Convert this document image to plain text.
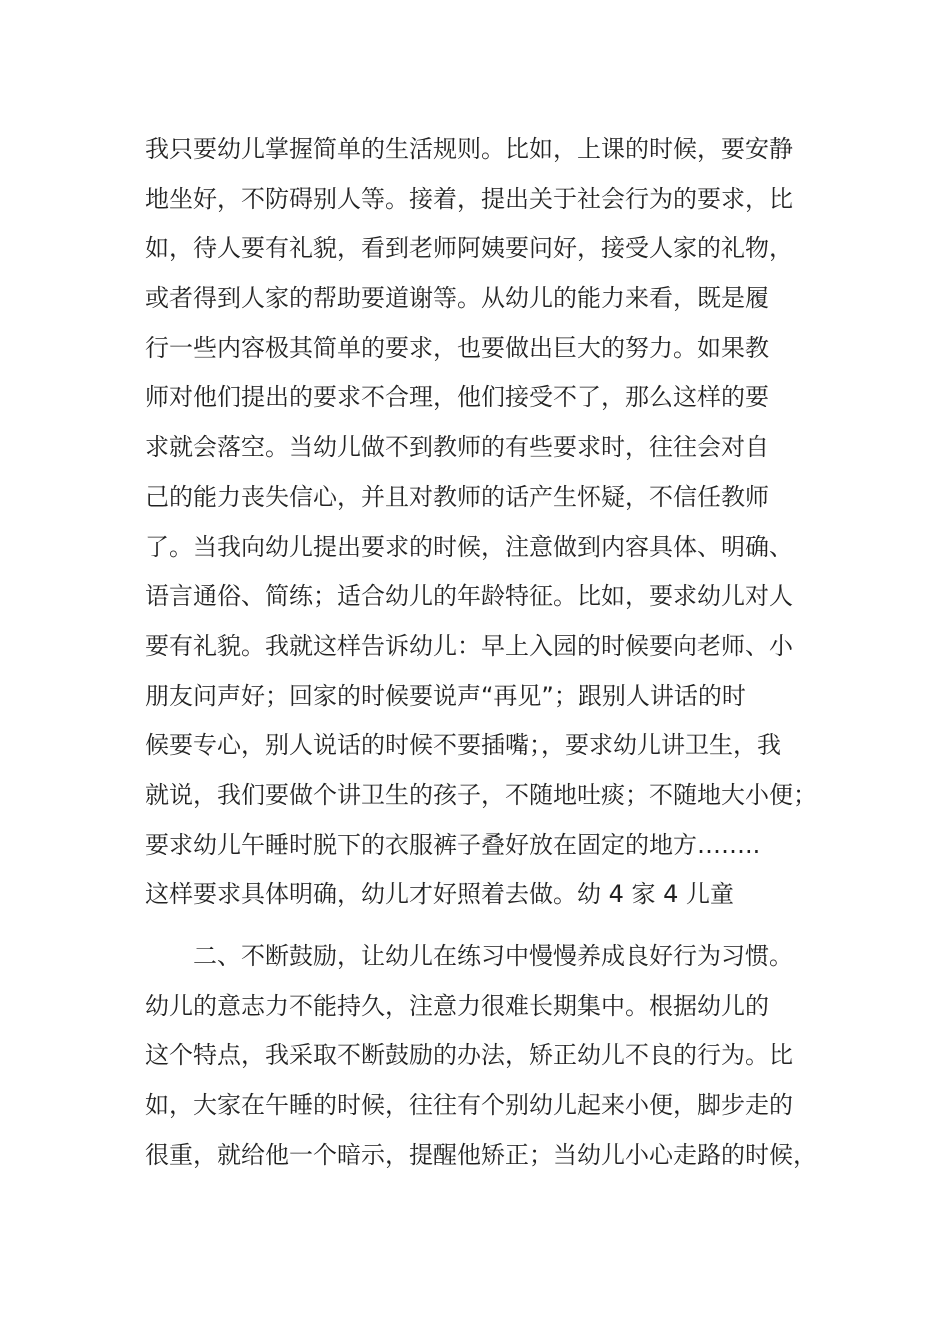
我只要幼儿掌握简单的生活规则。比如，上课的时候，要安静
地坐好，不防碍别人等。接着，提出关于社会行为的要求，比
如，待人要有礼貌，看到老师阿姨要问好，接受人家的礼物，
或者得到人家的帮助要道谢等。从幼儿的能力来看，既是履
行一些内容极其简单的要求，也要做出巨大的努力。如果教
师对他们提出的要求不合理，他们接受不了，那么这样的要
求就会落空。当幼儿做不到教师的有些要求时，往往会对自
己的能力丧失信心，并且对教师的话产生怀疑，不信任教师
了。当我向幼儿提出要求的时候，注意做到内容具体、明确、
语言通俗、简练；适合幼儿的年龄特征。比如，要求幼儿对人
要有礼貌。我就这样告诉幼儿：早上入园的时候要向老师、小
朋友问声好；回家的时候要说声“再见”；跟别人讲话的时
候要专心，别人说话的时候不要插嘴；，要求幼儿讲卫生，我
就说，我们要做个讲卫生的孩子，不随地吐痰；不随地大小便；
要求幼儿午睡时脱下的衣服裤子叠好放在固定的地方……..
这样要求具体明确，幼儿才好照着去做。幼 4 家 4 儿童
二、不断鼓励，让幼儿在练习中慢慢养成良好行为习惯。
幼儿的意志力不能持久，注意力很难长期集中。根据幼儿的
这个特点，我采取不断鼓励的办法，矫正幼儿不良的行为。比
如，大家在午睡的时候，往往有个别幼儿起来小便，脚步走的
很重，就给他一个暗示，提醒他矫正；当幼儿小心走路的时候，
